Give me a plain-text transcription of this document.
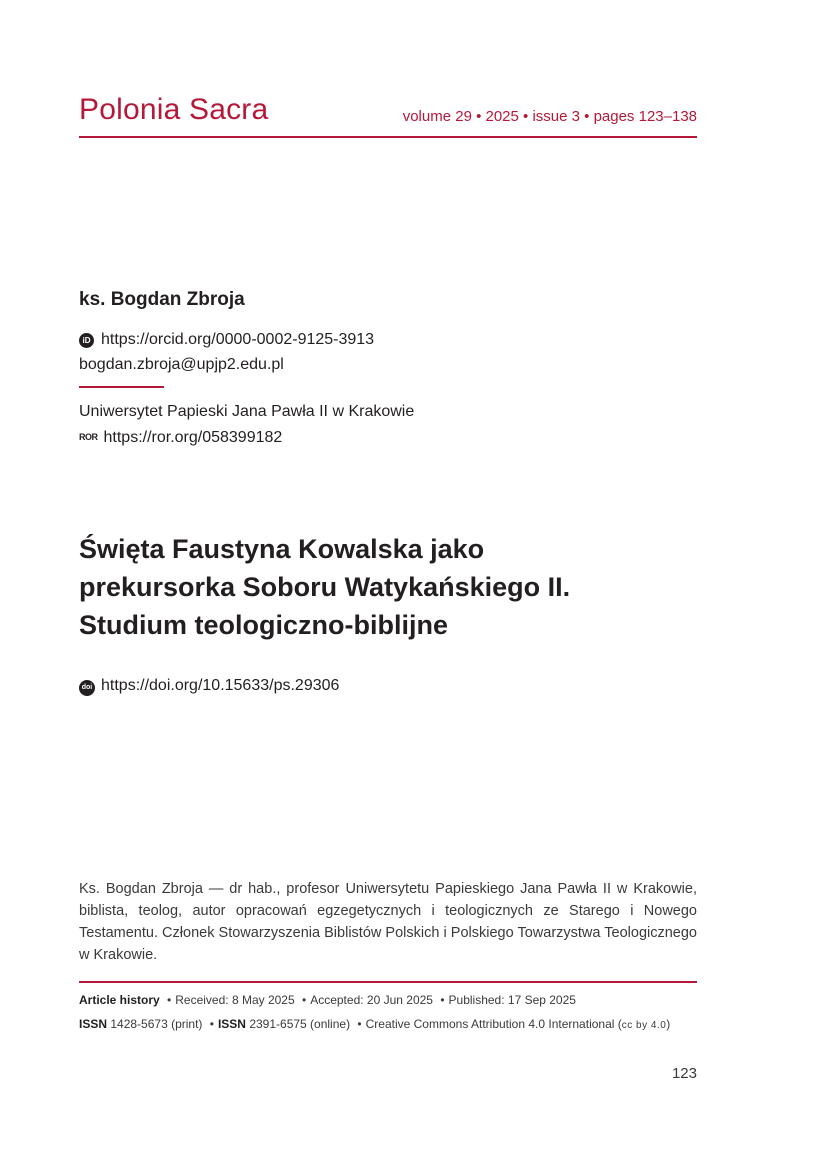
Polonia Sacra	volume 29 • 2025 • issue 3 • pages 123–138
ks. Bogdan Zbroja
iD https://orcid.org/0000-0002-9125-3913
bogdan.zbroja@upjp2.edu.pl
Uniwersytet Papieski Jana Pawła II w Krakowie
ROR https://ror.org/058399182
Święta Faustyna Kowalska jako
prekursorka Soboru Watykańskiego II.
Studium teologiczno-biblijne
doi https://doi.org/10.15633/ps.29306
Ks. Bogdan Zbroja — dr hab., profesor Uniwersytetu Papieskiego Jana Pawła II w Krakowie, biblista, teolog, autor opracowań egzegetycznych i teologicznych ze Starego i Nowego Testamentu. Członek Stowarzyszenia Biblistów Polskich i Polskiego Towarzystwa Teologicznego w Krakowie.
Article history • Received: 8 May 2025 • Accepted: 20 Jun 2025 • Published: 17 Sep 2025
ISSN 1428-5673 (print) • ISSN 2391-6575 (online) • Creative Commons Attribution 4.0 International (cc by 4.0)
123
